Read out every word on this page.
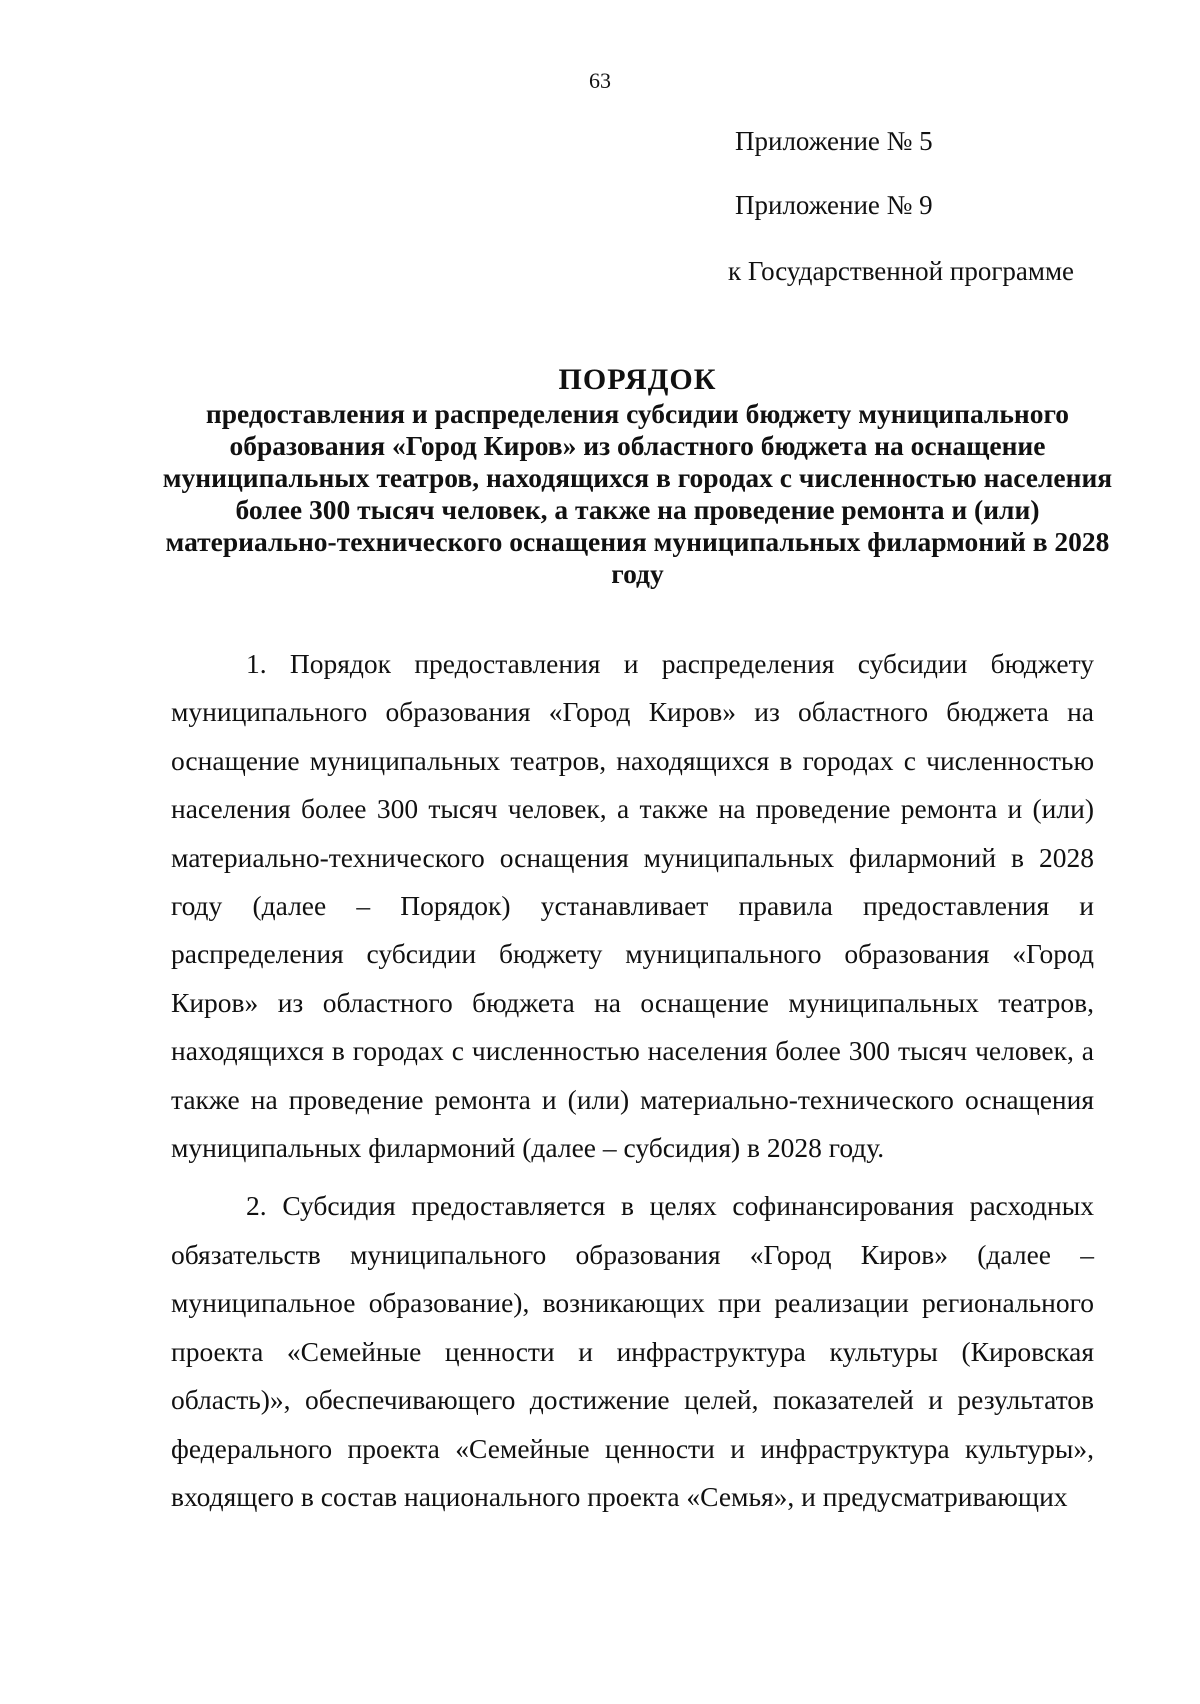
63
Приложение № 5
Приложение № 9
к Государственной программе
ПОРЯДОК
предоставления и распределения субсидии бюджету муниципального образования «Город Киров» из областного бюджета на оснащение муниципальных театров, находящихся в городах с численностью населения более 300 тысяч человек, а также на проведение ремонта и (или) материально-технического оснащения муниципальных филармоний в 2028 году

1. Порядок предоставления и распределения субсидии бюджету муниципального образования «Город Киров» из областного бюджета на оснащение муниципальных театров, находящихся в городах с численностью населения более 300 тысяч человек, а также на проведение ремонта и (или) материально-технического оснащения муниципальных филармоний в 2028 году (далее – Порядок) устанавливает правила предоставления и распределения субсидии бюджету муниципального образования «Город Киров» из областного бюджета на оснащение муниципальных театров, находящихся в городах с численностью населения более 300 тысяч человек, а также на проведение ремонта и (или) материально-технического оснащения муниципальных филармоний (далее – субсидия) в 2028 году.

2. Субсидия предоставляется в целях софинансирования расходных обязательств муниципального образования «Город Киров» (далее – муниципальное образование), возникающих при реализации регионального проекта «Семейные ценности и инфраструктура культуры (Кировская область)», обеспечивающего достижение целей, показателей и результатов федерального проекта «Семейные ценности и инфраструктура культуры», входящего в состав национального проекта «Семья», и предусматривающих
